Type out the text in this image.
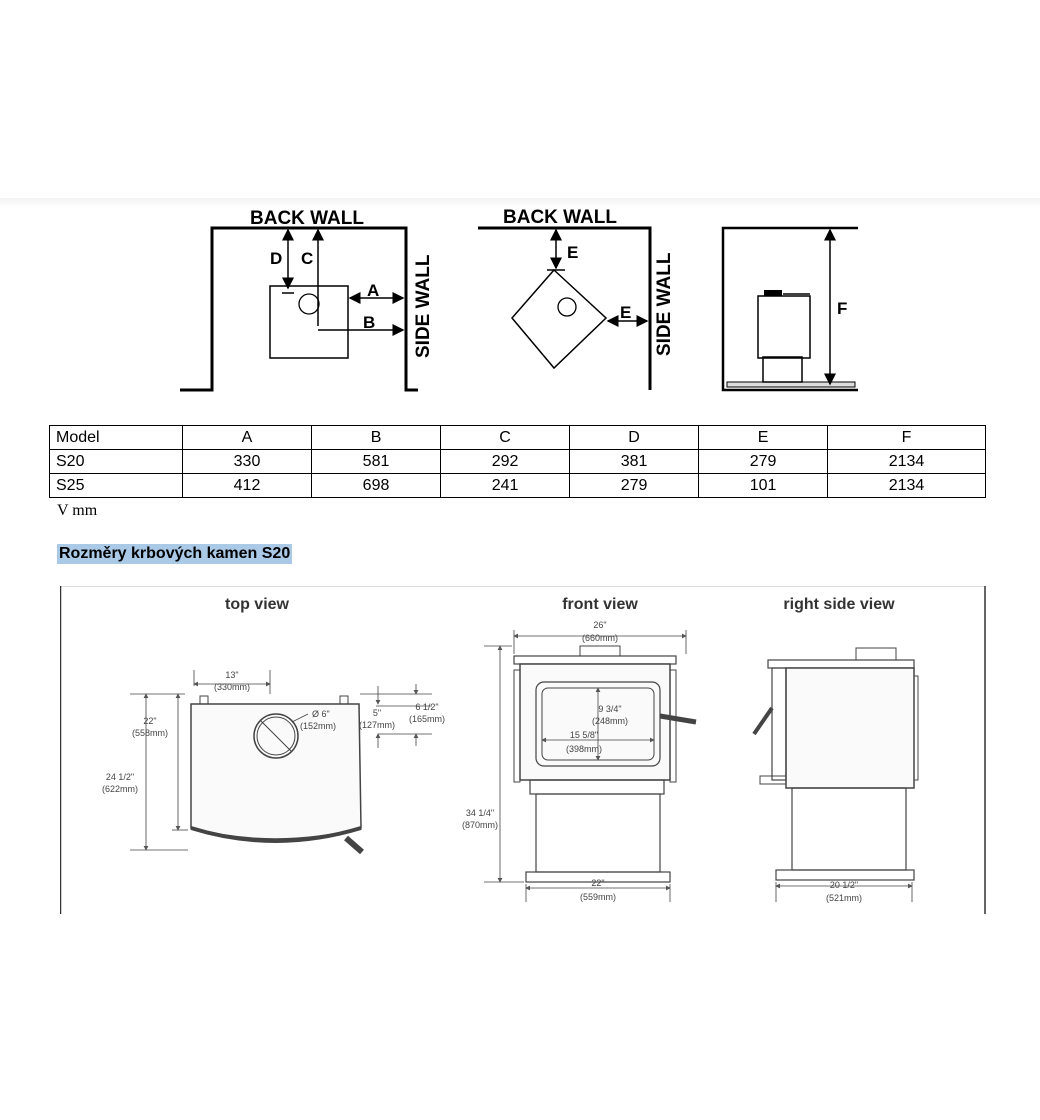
BACK WALL
SIDE WALL
D C
A
B
BACK WALL
SIDE WALL
E
E	F
Model	A	B	C	D	E	F
S20	330	581	292	381	279	2134
S25	412	698	241	279	101	2134
V mm
Rozměry krbových kamen S20
top view	front view	right side view
13"
(330mm)
22"
(558mm)
24 1/2"
(622mm)
Ø 6"
(152mm)
5"
(127mm)
6 1/2"
(165mm)
26"
(660mm)
9 3/4"
(248mm)
15 5/8"
(398mm)
34 1/4"
(870mm)
22"
(559mm)
20 1/2"
(521mm)
